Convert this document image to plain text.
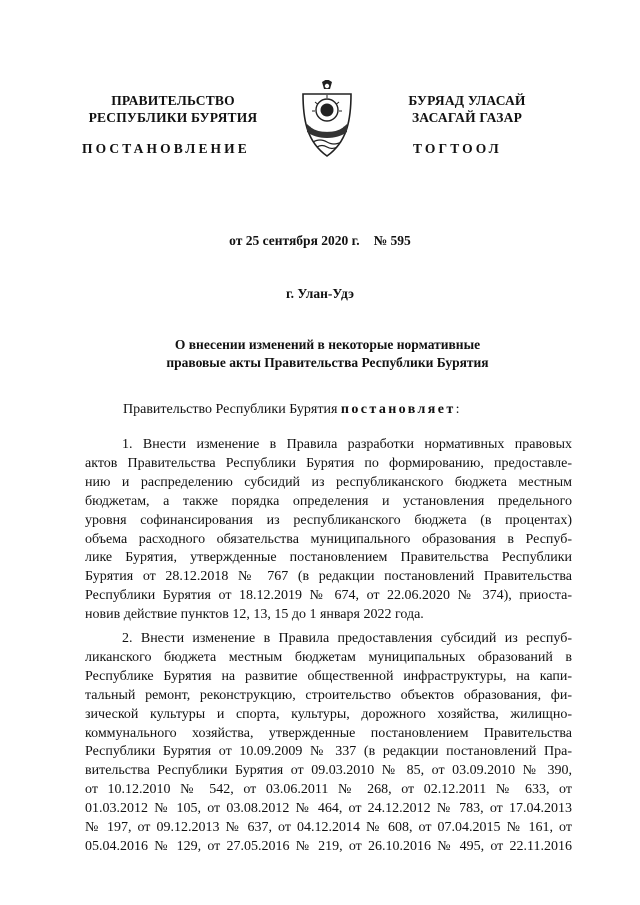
ПРАВИТЕЛЬСТВО
РЕСПУБЛИКИ БУРЯТИЯ
БУРЯАД УЛАСАЙ
ЗАСАГАЙ ГАЗАР
ПОСТАНОВЛЕНИЕ	ТОГТООЛ
от 25 сентября 2020 г. № 595
г. Улан-Удэ
О внесении изменений в некоторые нормативные
правовые акты Правительства Республики Бурятия
Правительство Республики Бурятия постановляет:
1. Внести изменение в Правила разработки нормативных правовых
актов Правительства Республики Бурятия по формированию, предоставле-
нию и распределению субсидий из республиканского бюджета местным
бюджетам, а также порядка определения и установления предельного
уровня софинансирования из республиканского бюджета (в процентах)
объема расходного обязательства муниципального образования в Респуб-
лике Бурятия, утвержденные постановлением Правительства Республики
Бурятия от 28.12.2018 № 767 (в редакции постановлений Правительства
Республики Бурятия от 18.12.2019 № 674, от 22.06.2020 № 374), приоста-
новив действие пунктов 12, 13, 15 до 1 января 2022 года.
2. Внести изменение в Правила предоставления субсидий из респуб-
ликанского бюджета местным бюджетам муниципальных образований в
Республике Бурятия на развитие общественной инфраструктуры, на капи-
тальный ремонт, реконструкцию, строительство объектов образования, фи-
зической культуры и спорта, культуры, дорожного хозяйства, жилищно-
коммунального хозяйства, утвержденные постановлением Правительства
Республики Бурятия от 10.09.2009 № 337 (в редакции постановлений Пра-
вительства Республики Бурятия от 09.03.2010 № 85, от 03.09.2010 № 390,
от 10.12.2010 № 542, от 03.06.2011 № 268, от 02.12.2011 № 633, от
01.03.2012 № 105, от 03.08.2012 № 464, от 24.12.2012 № 783, от 17.04.2013
№ 197, от 09.12.2013 № 637, от 04.12.2014 № 608, от 07.04.2015 № 161, от
05.04.2016 № 129, от 27.05.2016 № 219, от 26.10.2016 № 495, от 22.11.2016
